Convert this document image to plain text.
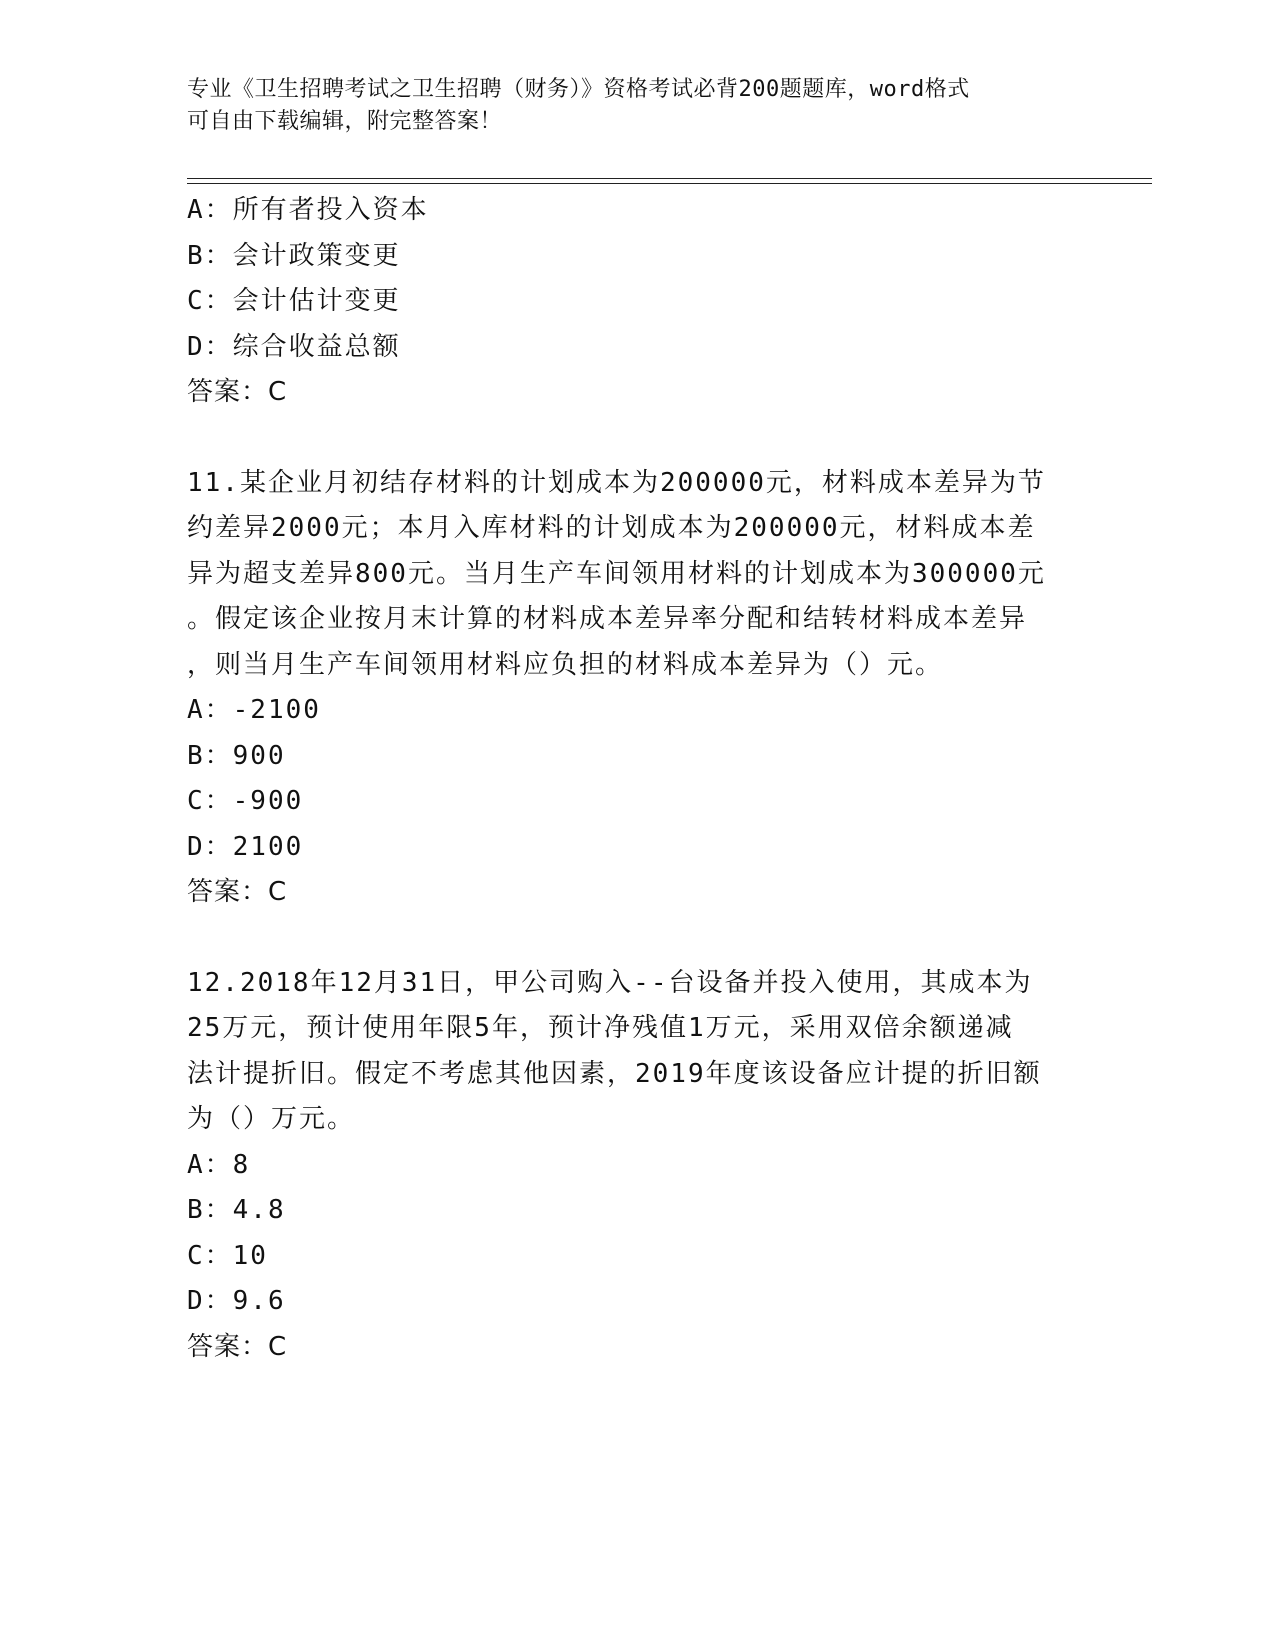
专业《卫生招聘考试之卫生招聘（财务）》资格考试必背200题题库，word格式
可自由下载编辑，附完整答案！
A：所有者投入资本
B：会计政策变更
C：会计估计变更
D：综合收益总额
答案：C
11.某企业月初结存材料的计划成本为200000元，材料成本差异为节
约差异2000元；本月入库材料的计划成本为200000元，材料成本差
异为超支差异800元。当月生产车间领用材料的计划成本为300000元
。假定该企业按月末计算的材料成本差异率分配和结转材料成本差异
，则当月生产车间领用材料应负担的材料成本差异为（）元。
A：-2100
B：900
C：-900
D：2100
答案：C
12.2018年12月31日，甲公司购入--台设备并投入使用，其成本为
25万元，预计使用年限5年，预计净残值1万元，采用双倍余额递减
法计提折旧。假定不考虑其他因素，2019年度该设备应计提的折旧额
为（）万元。
A：8
B：4.8
C：10
D：9.6
答案：C
